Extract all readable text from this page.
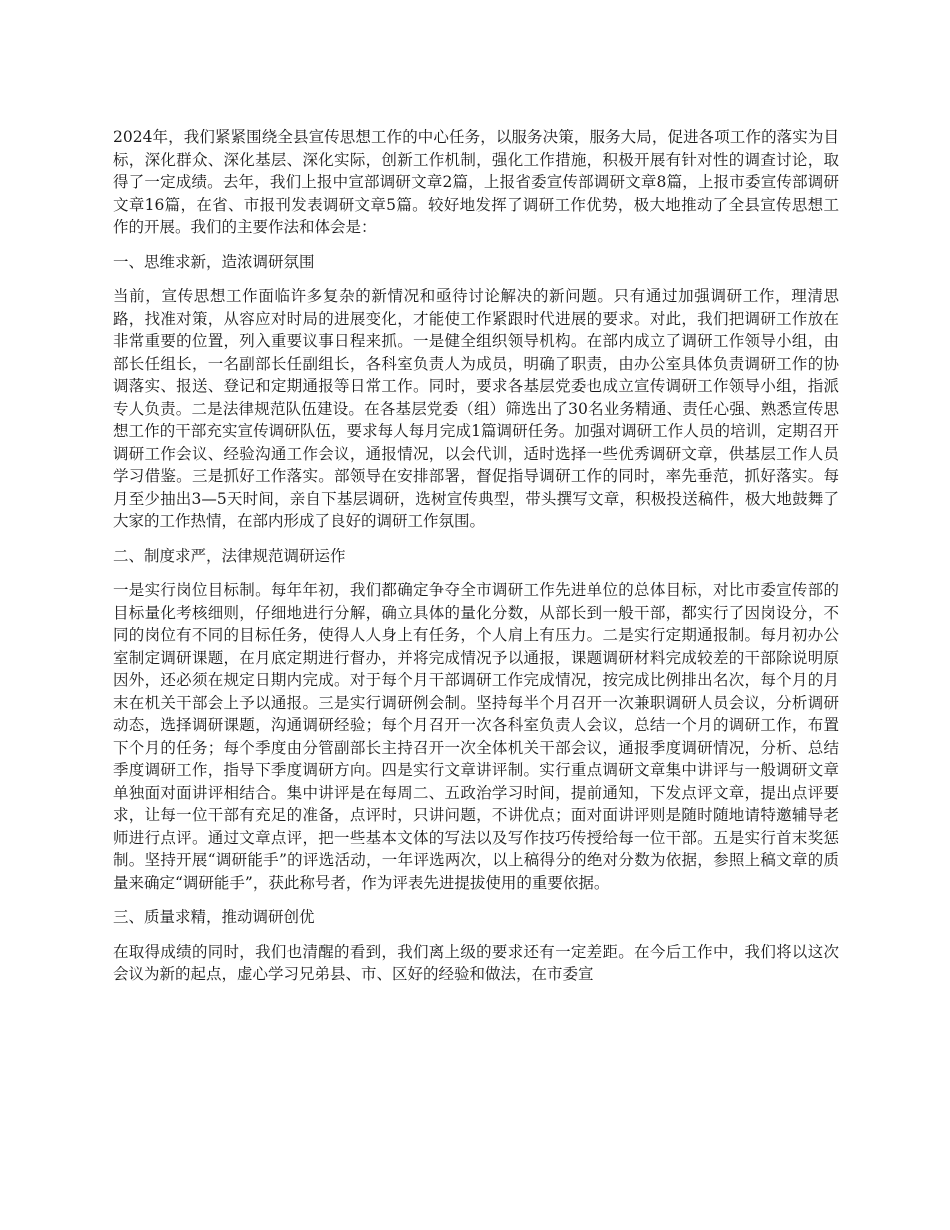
2024年，我们紧紧围绕全县宣传思想工作的中心任务，以服务决策，服务大局，促进各项工作的落实为目标，深化群众、深化基层、深化实际，创新工作机制，强化工作措施，积极开展有针对性的调查讨论，取得了一定成绩。去年，我们上报中宣部调研文章2篇，上报省委宣传部调研文章8篇，上报市委宣传部调研文章16篇，在省、市报刊发表调研文章5篇。较好地发挥了调研工作优势，极大地推动了全县宣传思想工作的开展。我们的主要作法和体会是：

一、思维求新，造浓调研氛围

当前，宣传思想工作面临许多复杂的新情况和亟待讨论解决的新问题。只有通过加强调研工作，理清思路，找准对策，从容应对时局的进展变化，才能使工作紧跟时代进展的要求。对此，我们把调研工作放在非常重要的位置，列入重要议事日程来抓。一是健全组织领导机构。在部内成立了调研工作领导小组，由部长任组长，一名副部长任副组长，各科室负责人为成员，明确了职责，由办公室具体负责调研工作的协调落实、报送、登记和定期通报等日常工作。同时，要求各基层党委也成立宣传调研工作领导小组，指派专人负责。二是法律规范队伍建设。在各基层党委（组）筛选出了30名业务精通、责任心强、熟悉宣传思想工作的干部充实宣传调研队伍，要求每人每月完成1篇调研任务。加强对调研工作人员的培训，定期召开调研工作会议、经验沟通工作会议，通报情况，以会代训，适时选择一些优秀调研文章，供基层工作人员学习借鉴。三是抓好工作落实。部领导在安排部署，督促指导调研工作的同时，率先垂范，抓好落实。每月至少抽出3—5天时间，亲自下基层调研，选树宣传典型，带头撰写文章，积极投送稿件，极大地鼓舞了大家的工作热情，在部内形成了良好的调研工作氛围。

二、制度求严，法律规范调研运作

一是实行岗位目标制。每年年初，我们都确定争夺全市调研工作先进单位的总体目标，对比市委宣传部的目标量化考核细则，仔细地进行分解，确立具体的量化分数，从部长到一般干部，都实行了因岗设分，不同的岗位有不同的目标任务，使得人人身上有任务，个人肩上有压力。二是实行定期通报制。每月初办公室制定调研课题，在月底定期进行督办，并将完成情况予以通报，课题调研材料完成较差的干部除说明原因外，还必须在规定日期内完成。对于每个月干部调研工作完成情况，按完成比例排出名次，每个月的月末在机关干部会上予以通报。三是实行调研例会制。坚持每半个月召开一次兼职调研人员会议，分析调研动态，选择调研课题，沟通调研经验；每个月召开一次各科室负责人会议，总结一个月的调研工作，布置下个月的任务；每个季度由分管副部长主持召开一次全体机关干部会议，通报季度调研情况，分析、总结季度调研工作，指导下季度调研方向。四是实行文章讲评制。实行重点调研文章集中讲评与一般调研文章单独面对面讲评相结合。集中讲评是在每周二、五政治学习时间，提前通知，下发点评文章，提出点评要求，让每一位干部有充足的准备，点评时，只讲问题，不讲优点；面对面讲评则是随时随地请特邀辅导老师进行点评。通过文章点评，把一些基本文体的写法以及写作技巧传授给每一位干部。五是实行首末奖惩制。坚持开展“调研能手”的评选活动，一年评选两次，以上稿得分的绝对分数为依据，参照上稿文章的质量来确定“调研能手”，获此称号者，作为评表先进提拔使用的重要依据。

三、质量求精，推动调研创优

在取得成绩的同时，我们也清醒的看到，我们离上级的要求还有一定差距。在今后工作中，我们将以这次会议为新的起点，虚心学习兄弟县、市、区好的经验和做法，在市委宣
